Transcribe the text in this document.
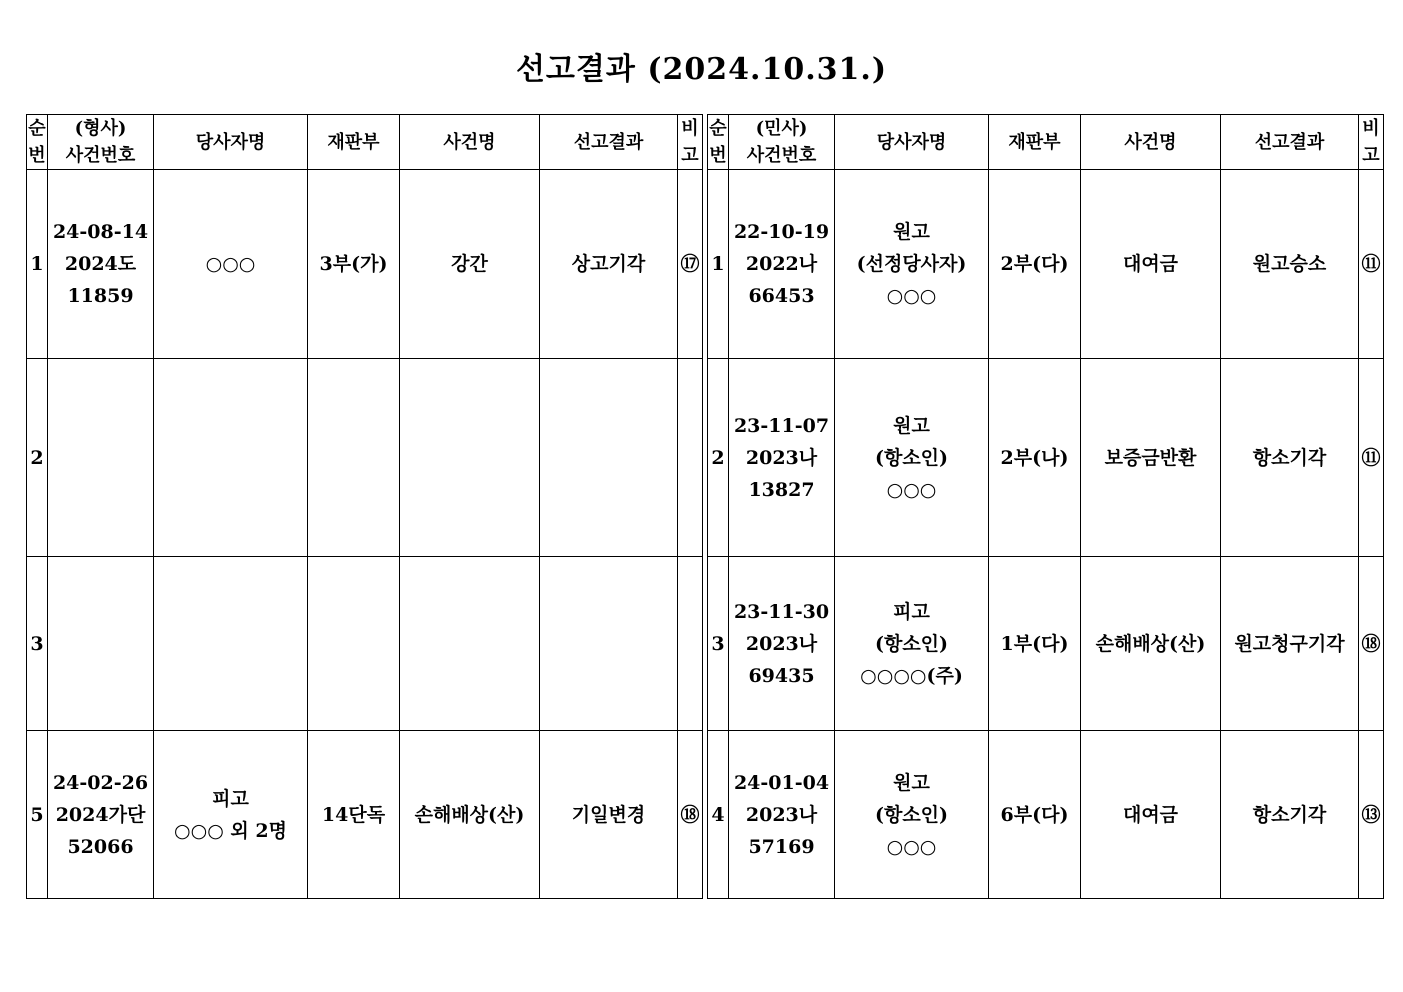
선고결과 (2024.10.31.)
순
번	(형사)
사건번호	당사자명	재판부	사건명	선고결과	비
고

1	24-08-14
2024도
11859	○○○	3부(가)	강간	상고기각	⑰
2						
3						
5	24-02-26
2024가단
52066	피고
○○○ 외 2명	14단독	손해배상(산)	기일변경	⑱
순
번	(민사)
사건번호	당사자명	재판부	사건명	선고결과	비
고

1	22-10-19
2022나
66453	원고
(선정당사자)
○○○	2부(다)	대여금	원고승소	⑪
2	23-11-07
2023나
13827	원고
(항소인)
○○○	2부(나)	보증금반환	항소기각	⑪
3	23-11-30
2023나
69435	피고
(항소인)
○○○○(주)	1부(다)	손해배상(산)	원고청구기각	⑱
4	24-01-04
2023나
57169	원고
(항소인)
○○○	6부(다)	대여금	항소기각	⑬
